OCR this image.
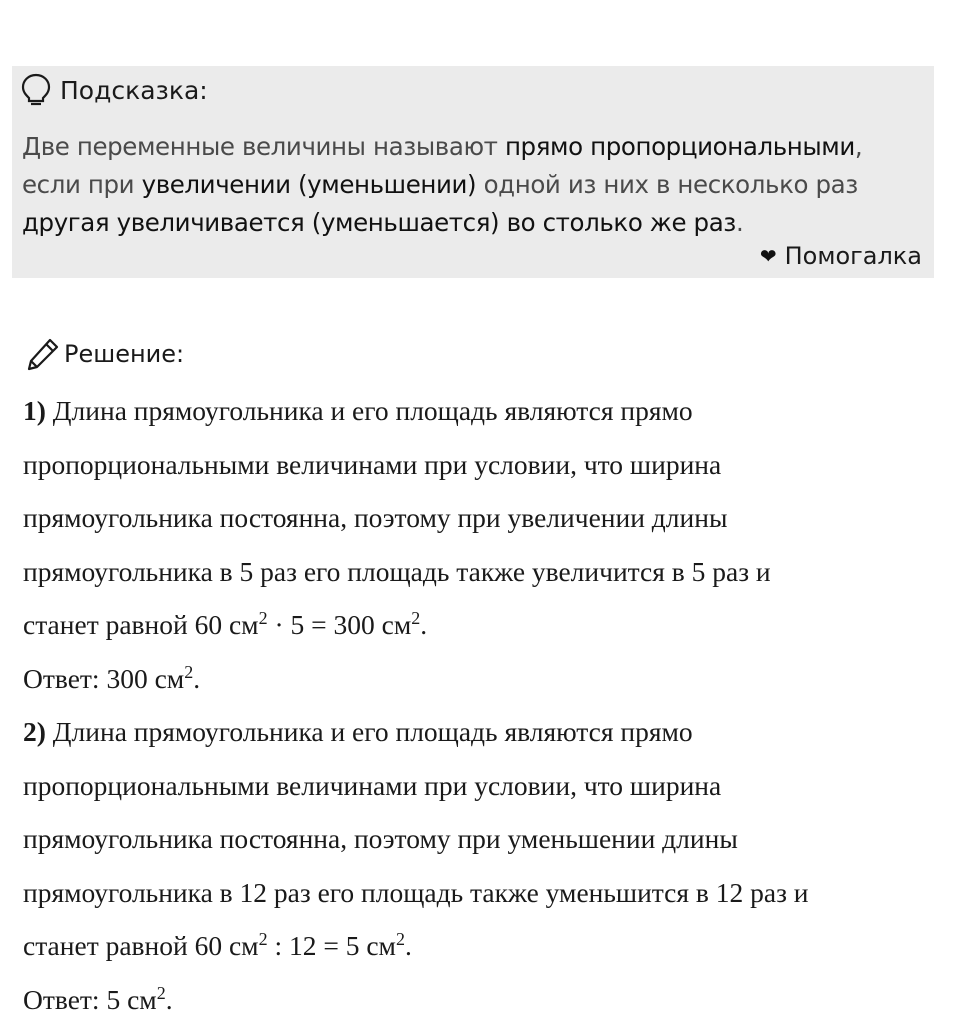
Подсказка:
Две переменные величины называют прямо пропорциональными, если при увеличении (уменьшении) одной из них в несколько раз другая увеличивается (уменьшается) во столько же раз.
❤ Помогалка
Решение:

1) Длина прямоугольника и его площадь являются прямо

пропорциональными величинами при условии, что ширина

прямоугольника постоянна, поэтому при увеличении длины

прямоугольника в 5 раз его площадь также увеличится в 5 раз и

станет равной 60 $см^2 \cdot 5 = 300$ $см^2$.

Ответ: 300 $см^2$.

2) Длина прямоугольника и его площадь являются прямо

пропорциональными величинами при условии, что ширина

прямоугольника постоянна, поэтому при уменьшении длины

прямоугольника в 12 раз его площадь также уменьшится в 12 раз и

станет равной 60 $см^2$ : 12 = 5 $см^2$.

Ответ: 5 $см^2$.
